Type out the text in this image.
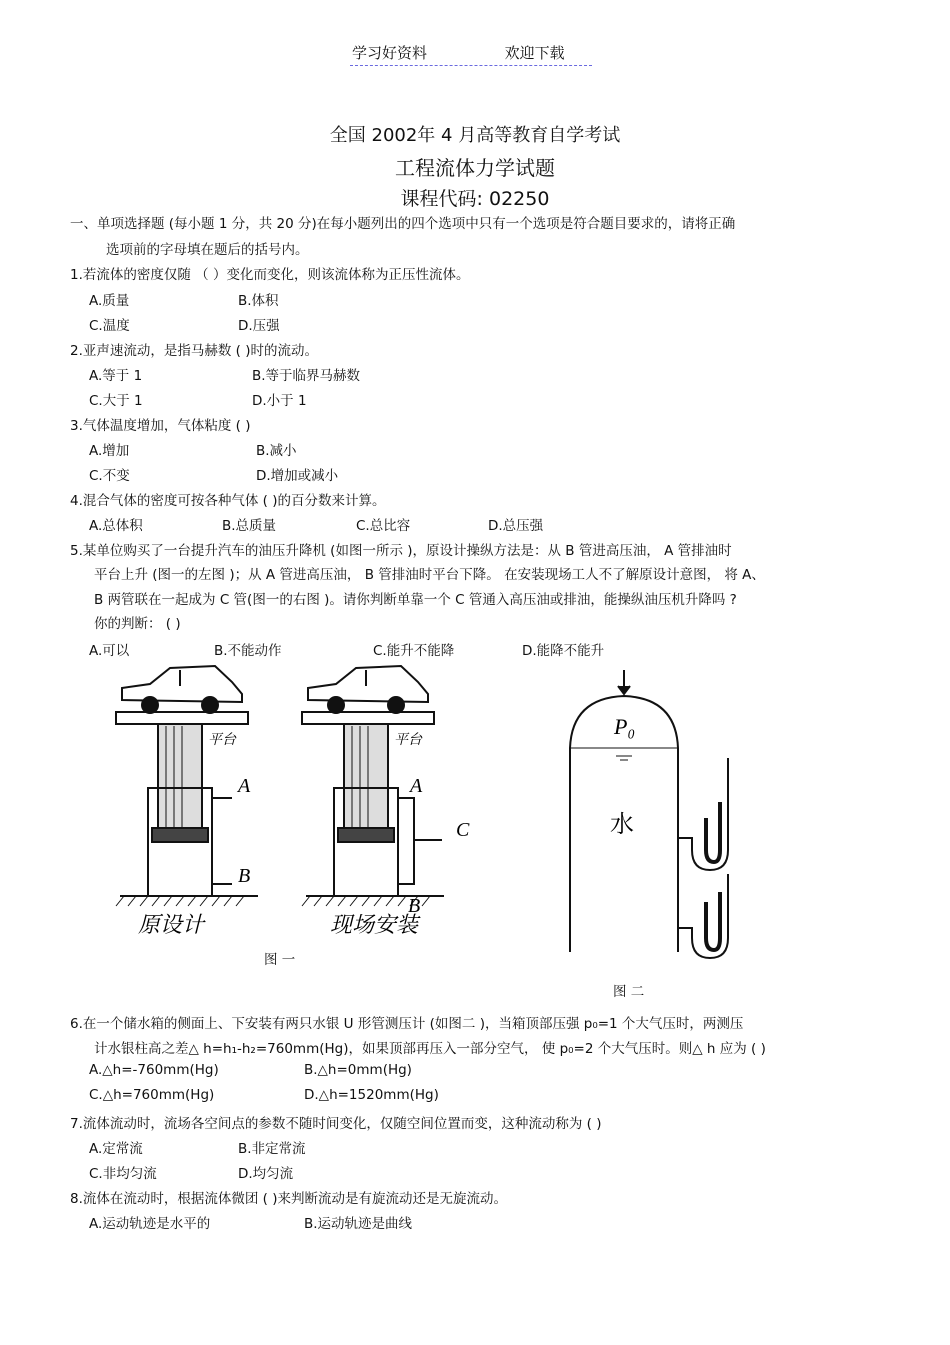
学习好资料	欢迎下载
全国 2002年 4 月高等教育自学考试
工程流体力学试题
课程代码: 02250
一、单项选择题 (每小题 1 分，共 20 分)在每小题列出的四个选项中只有一个选项是符合题目要求的，请将正确
选项前的字母填在题后的括号内。
1.若流体的密度仅随 （ ）变化而变化，则该流体称为正压性流体。
A.质量	B.体积
C.温度	D.压强
2.亚声速流动，是指马赫数 ( )时的流动。
A.等于 1	B.等于临界马赫数
C.大于 1	D.小于 1
3.气体温度增加，气体粘度 ( )
A.增加	B.减小
C.不变	D.增加或减小
4.混合气体的密度可按各种气体 ( )的百分数来计算。
A.总体积	B.总质量	C.总比容	D.总压强
5.某单位购买了一台提升汽车的油压升降机 (如图一所示 )，原设计操纵方法是：从 B 管进高压油， A 管排油时
平台上升 (图一的左图 )；从 A 管进高压油， B 管排油时平台下降。 在安装现场工人不了解原设计意图， 将 A、
B 两管联在一起成为 C 管(图一的右图 )。请你判断单靠一个 C 管通入高压油或排油，能操纵油压机升降吗 ?
你的判断： ( )
A.可以	B.不能动作	C.能升不能降	D.能降不能升
平台
A
B
原设计
平台
A
B
C
现场安装
图 一
P₀
水
图 二
6.在一个储水箱的侧面上、下安装有两只水银 U 形管测压计 (如图二 )，当箱顶部压强 p₀=1 个大气压时，两测压
计水银柱高之差△ h=h₁-h₂=760mm(Hg)，如果顶部再压入一部分空气， 使 p₀=2 个大气压时。则△ h 应为 ( )
A.△h=-760mm(Hg)	B.△h=0mm(Hg)
C.△h=760mm(Hg)	D.△h=1520mm(Hg)
7.流体流动时，流场各空间点的参数不随时间变化，仅随空间位置而变，这种流动称为 ( )
A.定常流	B.非定常流
C.非均匀流	D.均匀流
8.流体在流动时，根据流体微团 ( )来判断流动是有旋流动还是无旋流动。
A.运动轨迹是水平的	B.运动轨迹是曲线
